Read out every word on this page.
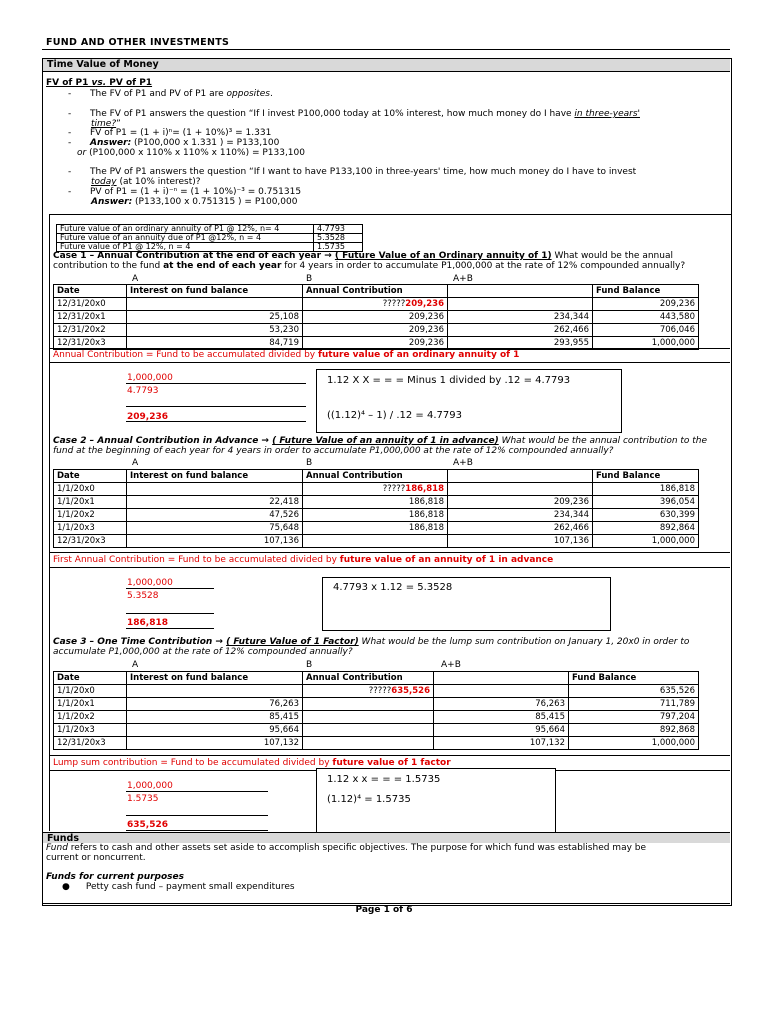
FUND AND OTHER INVESTMENTS
Time Value of Money
FV of P1 vs. PV of P1
- The FV of P1 and PV of P1 are opposites.
- The FV of P1 answers the question “If I invest P100,000 today at 10% interest, how much money do I have in three-years'
time?”
- FV of P1 = (1 + i)ⁿ= (1 + 10%)³ = 1.331
- Answer: (P100,000 x 1.331 ) = P133,100
or (P100,000 x 110% x 110% x 110%) = P133,100
- The PV of P1 answers the question “If I want to have P133,100 in three-years' time, how much money do I have to invest
today (at 10% interest)?
- PV of P1 = (1 + i)⁻ⁿ = (1 + 10%)⁻³ = 0.751315
Answer: (P133,100 x 0.751315 ) = P100,000
Future value of an ordinary annuity of P1 @ 12%, n= 4	4.7793
Future value of an annuity due of P1 @12%, n = 4	5.3528
Future value of P1 @ 12%, n = 4	1.5735
Case 1 – Annual Contribution at the end of each year → ( Future Value of an Ordinary annuity of 1) What would be the annual
contribution to the fund at the end of each year for 4 years in order to accumulate P1,000,000 at the rate of 12% compounded annually?
A	B	A+B
Date	Interest on fund balance	Annual Contribution		Fund Balance
12/31/20x0		?????209,236		209,236
12/31/20x1	25,108	209,236	234,344	443,580
12/31/20x2	53,230	209,236	262,466	706,046
12/31/20x3	84,719	209,236	293,955	1,000,000
Annual Contribution = Fund to be accumulated divided by future value of an ordinary annuity of 1
1,000,000
4.7793
209,236
1.12 X X = = = Minus 1 divided by .12 = 4.7793
((1.12)⁴ – 1) / .12 = 4.7793
Case 2 – Annual Contribution in Advance → ( Future Value of an annuity of 1 in advance) What would be the annual contribution to the
fund at the beginning of each year for 4 years in order to accumulate P1,000,000 at the rate of 12% compounded annually?
A	B	A+B
Date	Interest on fund balance	Annual Contribution		Fund Balance
1/1/20x0		?????186,818		186,818
1/1/20x1	22,418	186,818	209,236	396,054
1/1/20x2	47,526	186,818	234,344	630,399
1/1/20x3	75,648	186,818	262,466	892,864
12/31/20x3	107,136		107,136	1,000,000
First Annual Contribution = Fund to be accumulated divided by future value of an annuity of 1 in advance
1,000,000
5.3528
186,818
4.7793 x 1.12 = 5.3528
Case 3 – One Time Contribution → ( Future Value of 1 Factor) What would be the lump sum contribution on January 1, 20x0 in order to
accumulate P1,000,000 at the rate of 12% compounded annually?
A	B	A+B
Date	Interest on fund balance	Annual Contribution		Fund Balance
1/1/20x0		?????635,526		635,526
1/1/20x1	76,263		76,263	711,789
1/1/20x2	85,415		85,415	797,204
1/1/20x3	95,664		95,664	892,868
12/31/20x3	107,132		107,132	1,000,000
Lump sum contribution = Fund to be accumulated divided by future value of 1 factor
1,000,000
1.5735
635,526
1.12 x x = = = 1.5735
(1.12)⁴ = 1.5735
Funds
Fund refers to cash and other assets set aside to accomplish specific objectives. The purpose for which fund was established may be
current or noncurrent.
Funds for current purposes
● Petty cash fund – payment small expenditures
Page 1 of 6
